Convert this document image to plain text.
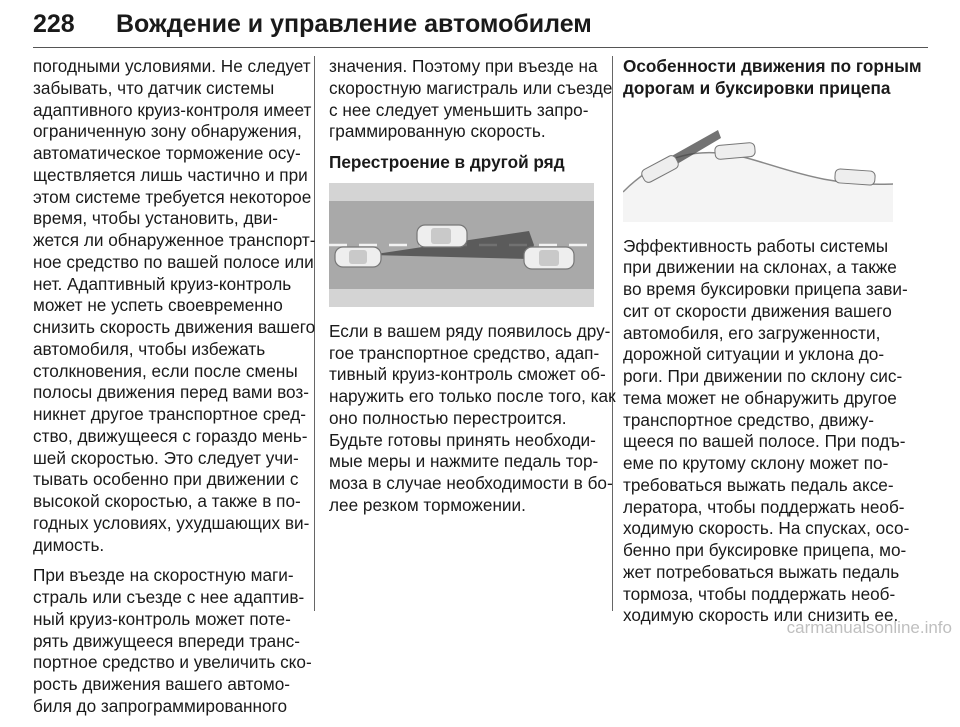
228 Вождение и управление автомобилем

погодными условиями. Не следует
забывать, что датчик системы
адаптивного круиз-контроля имеет
ограниченную зону обнаружения,
автоматическое торможение осу-
ществляется лишь частично и при
этом системе требуется некоторое
время, чтобы установить, дви-
жется ли обнаруженное транспорт-
ное средство по вашей полосе или
нет. Адаптивный круиз-контроль
может не успеть своевременно
снизить скорость движения вашего
автомобиля, чтобы избежать
столкновения, если после смены
полосы движения перед вами воз-
никнет другое транспортное сред-
ство, движущееся с гораздо мень-
шей скоростью. Это следует учи-
тывать особенно при движении с
высокой скоростью, а также в по-
годных условиях, ухудшающих ви-
димость.

При въезде на скоростную маги-
страль или съезде с нее адаптив-
ный круиз-контроль может поте-
рять движущееся впереди транс-
портное средство и увеличить ско-
рость движения вашего автомо-
биля до запрограммированного

значения. Поэтому при въезде на
скоростную магистраль или съезде
с нее следует уменьшить запро-
граммированную скорость.

Перестроение в другой ряд

Если в вашем ряду появилось дру-
гое транспортное средство, адап-
тивный круиз-контроль сможет об-
наружить его только после того, как
оно полностью перестроится.
Будьте готовы принять необходи-
мые меры и нажмите педаль тор-
моза в случае необходимости в бо-
лее резком торможении.

Особенности движения по горным
дорогам и буксировки прицепа

Эффективность работы системы
при движении на склонах, а также
во время буксировки прицепа зави-
сит от скорости движения вашего
автомобиля, его загруженности,
дорожной ситуации и уклона до-
роги. При движении по склону сис-
тема может не обнаружить другое
транспортное средство, движу-
щееся по вашей полосе. При подъ-
еме по крутому склону может по-
требоваться выжать педаль аксе-
лератора, чтобы поддержать необ-
ходимую скорость. На спусках, осо-
бенно при буксировке прицепа, мо-
жет потребоваться выжать педаль
тормоза, чтобы поддержать необ-
ходимую скорость или снизить ее.

carmanualsonline.info
